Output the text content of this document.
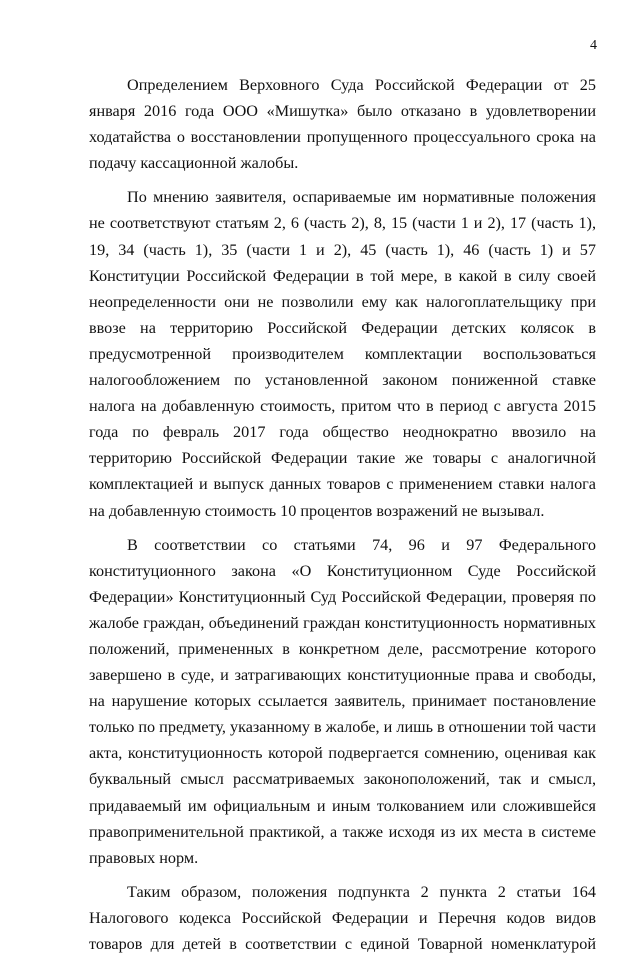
4

Определением Верховного Суда Российской Федерации от 25 января 2016 года ООО «Мишутка» было отказано в удовлетворении ходатайства о восстановлении пропущенного процессуального срока на подачу кассационной жалобы.

По мнению заявителя, оспариваемые им нормативные положения не соответствуют статьям 2, 6 (часть 2), 8, 15 (части 1 и 2), 17 (часть 1), 19, 34 (часть 1), 35 (части 1 и 2), 45 (часть 1), 46 (часть 1) и 57 Конституции Российской Федерации в той мере, в какой в силу своей неопределенности они не позволили ему как налогоплательщику при ввозе на территорию Российской Федерации детских колясок в предусмотренной производителем комплектации воспользоваться налогообложением по установленной законом пониженной ставке налога на добавленную стоимость, притом что в период с августа 2015 года по февраль 2017 года общество неоднократно ввозило на территорию Российской Федерации такие же товары с аналогичной комплектацией и выпуск данных товаров с применением ставки налога на добавленную стоимость 10 процентов возражений не вызывал.

В соответствии со статьями 74, 96 и 97 Федерального конституционного закона «О Конституционном Суде Российской Федерации» Конституционный Суд Российской Федерации, проверяя по жалобе граждан, объединений граждан конституционность нормативных положений, примененных в конкретном деле, рассмотрение которого завершено в суде, и затрагивающих конституционные права и свободы, на нарушение которых ссылается заявитель, принимает постановление только по предмету, указанному в жалобе, и лишь в отношении той части акта, конституционность которой подвергается сомнению, оценивая как буквальный смысл рассматриваемых законоположений, так и смысл, придаваемый им официальным и иным толкованием или сложившейся правоприменительной практикой, а также исходя из их места в системе правовых норм.

Таким образом, положения подпункта 2 пункта 2 статьи 164 Налогового кодекса Российской Федерации и Перечня кодов видов товаров для детей в соответствии с единой Товарной номенклатурой
